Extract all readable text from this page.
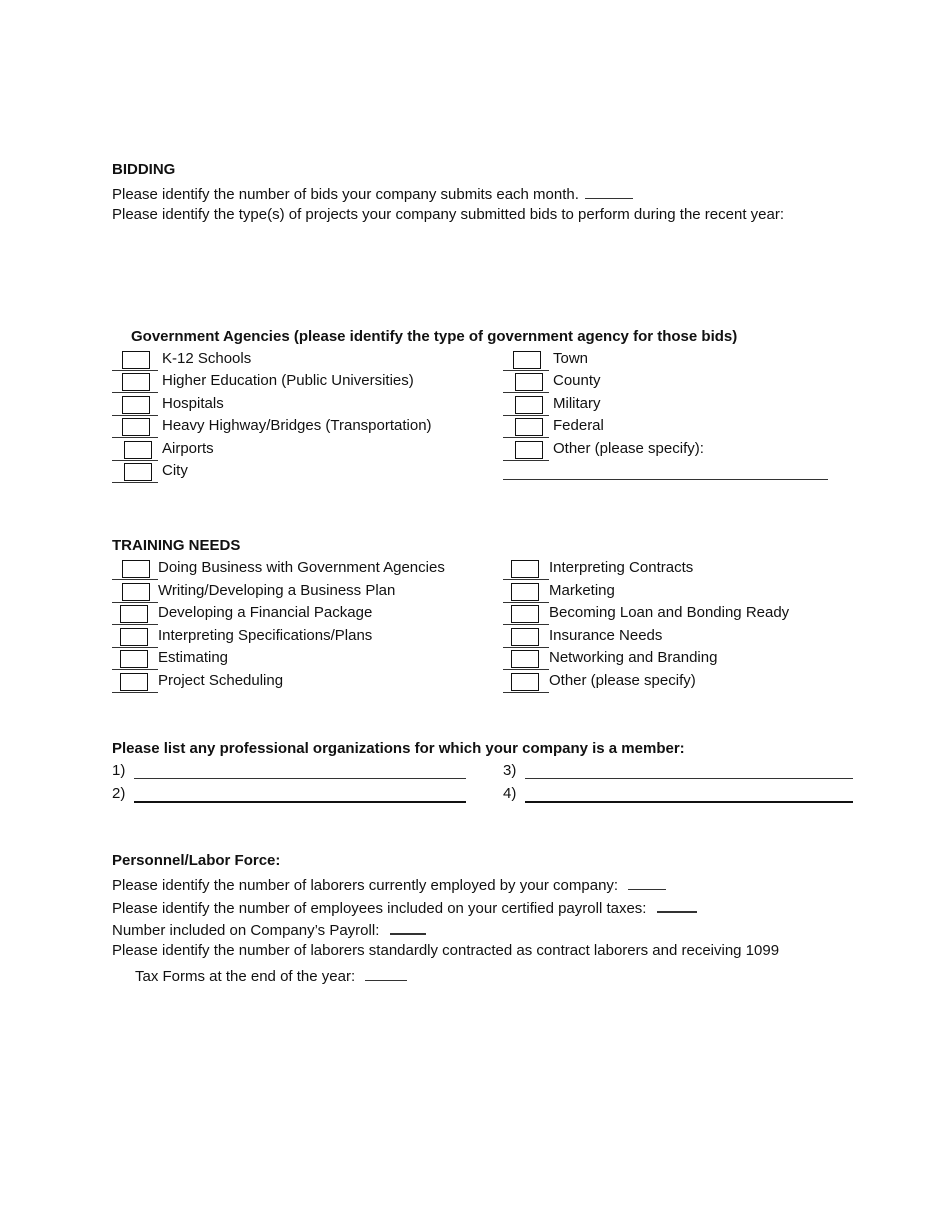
BIDDING
Please identify the number of bids your company submits each month.
Please identify the type(s) of projects your company submitted bids to perform during the recent year:
Government Agencies (please identify the type of government agency for those bids)
K-12 Schools
Higher Education (Public Universities)
Hospitals
Heavy Highway/Bridges (Transportation)
Airports
City
Town
County
Military
Federal
Other (please specify):
TRAINING NEEDS
Doing Business with Government Agencies
Writing/Developing a Business Plan
Developing a Financial Package
Interpreting Specifications/Plans
Estimating
Project Scheduling
Interpreting Contracts
Marketing
Becoming Loan and Bonding Ready
Insurance Needs
Networking and Branding
Other (please specify)
Please list any professional organizations for which your company is a member:
1)
2)
3)
4)
Personnel/Labor Force:
Please identify the number of laborers currently employed by your company:
Please identify the number of employees included on your certified payroll taxes:
Number included on Company’s Payroll:
Please identify the number of laborers standardly contracted as contract laborers and receiving 1099
Tax Forms at the end of the year:
